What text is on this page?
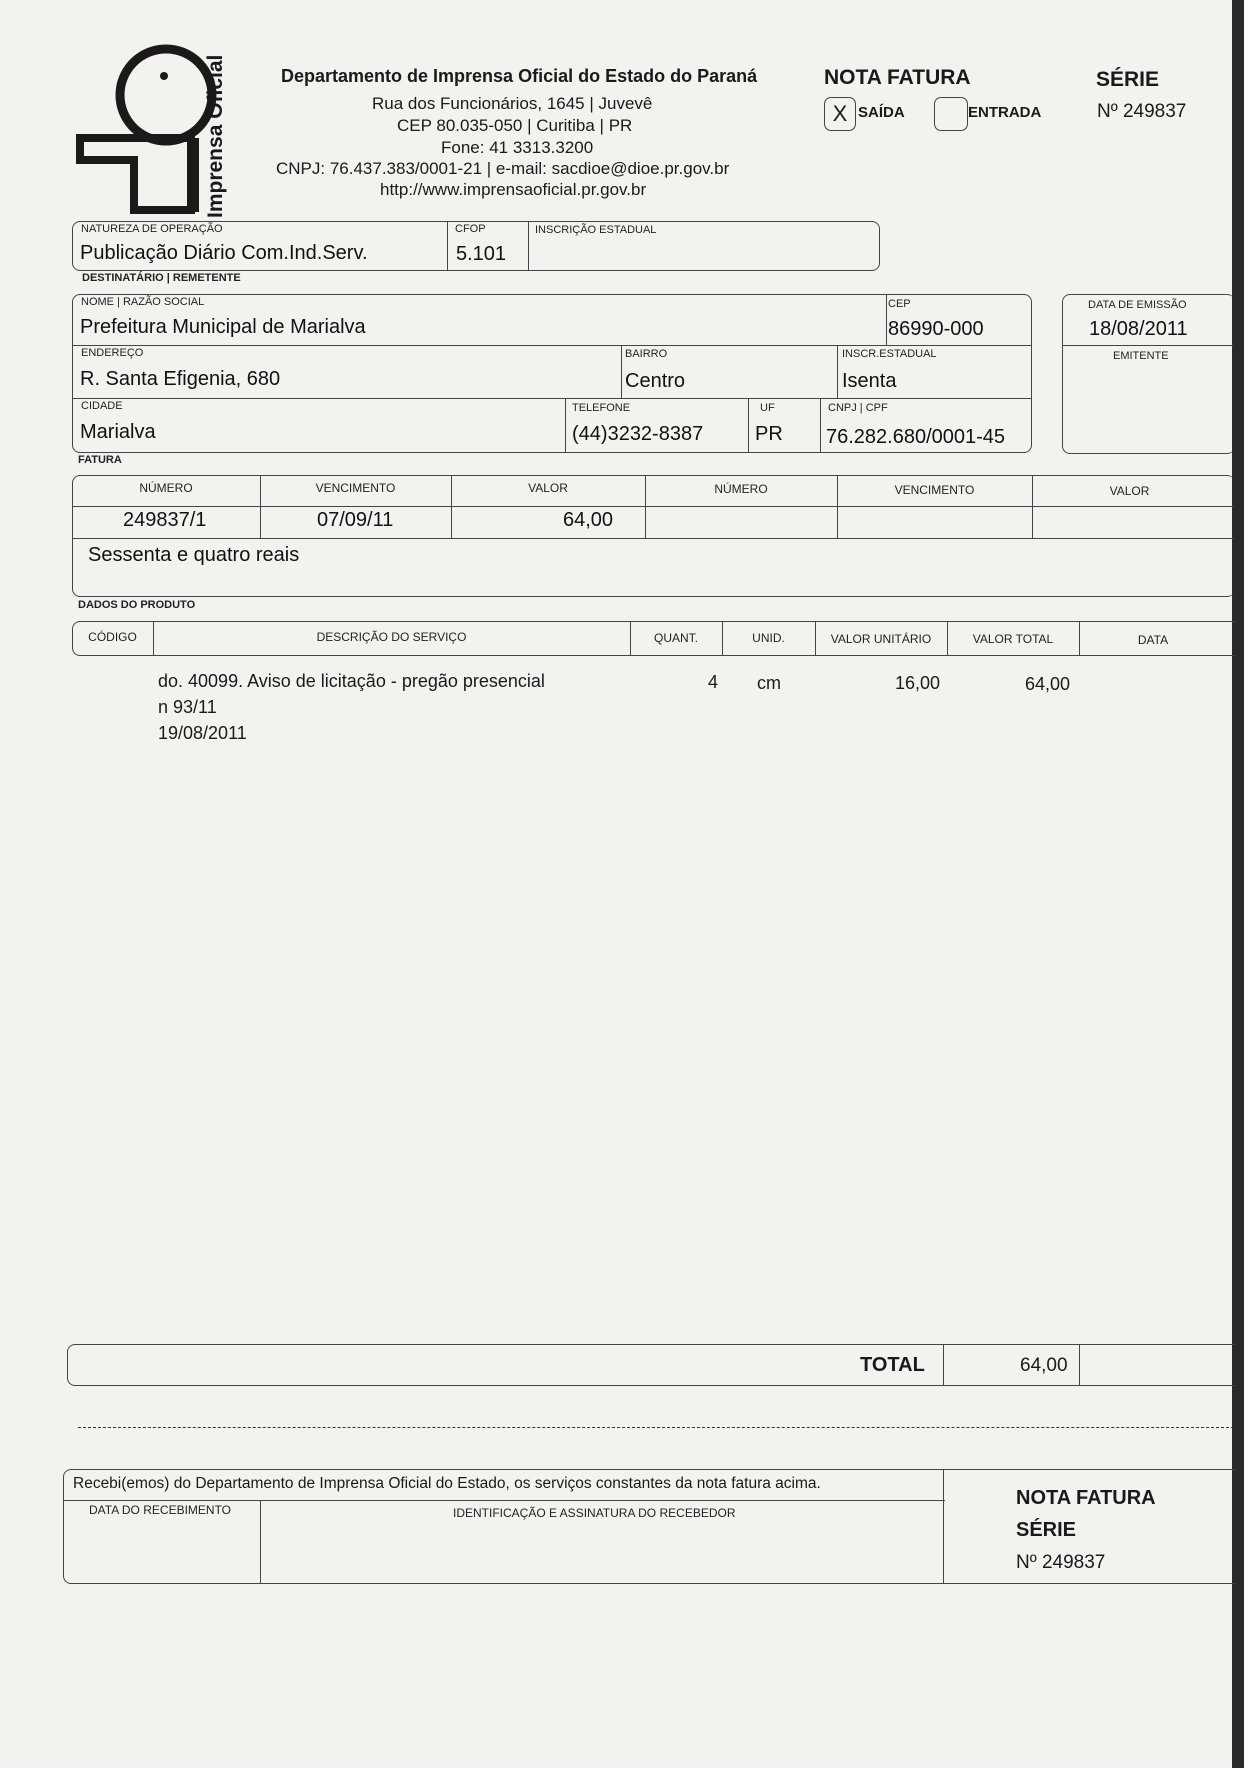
Imprensa Oficial	Departamento de Imprensa Oficial do Estado do Paraná
Rua dos Funcionários, 1645 | Juvevê
CEP 80.035-050 | Curitiba | PR
Fone: 41 3313.3200
CNPJ: 76.437.383/0001-21 | e-mail: sacdioe@dioe.pr.gov.br
http://www.imprensaoficial.pr.gov.br
NOTA FATURA
X SAÍDA	ENTRADA
SÉRIE
Nº 249837
NATUREZA DE OPERAÇÃO
Publicação Diário Com.Ind.Serv.
CFOP
5.101
INSCRIÇÃO ESTADUAL
DESTINATÁRIO | REMETENTE
NOME | RAZÃO SOCIAL
Prefeitura Municipal de Marialva
CEP
86990-000
ENDEREÇO
R. Santa Efigenia, 680
BAIRRO
Centro
INSCR.ESTADUAL
Isenta
CIDADE
Marialva
TELEFONE
(44)3232-8387
UF
PR
CNPJ | CPF
76.282.680/0001-45
DATA DE EMISSÃO
18/08/2011
EMITENTE
FATURA
NÚMERO	VENCIMENTO	VALOR	NÚMERO	VENCIMENTO	VALOR
249837/1	07/09/11	64,00
Sessenta e quatro reais
DADOS DO PRODUTO
CÓDIGO	DESCRIÇÃO DO SERVIÇO	QUANT.	UNID.	VALOR UNITÁRIO	VALOR TOTAL	DATA
do. 40099. Aviso de licitação - pregão presencial
n 93/11
19/08/2011
4 cm	16,00	64,00
TOTAL	64,00
Recebi(emos) do Departamento de Imprensa Oficial do Estado, os serviços constantes da nota fatura acima.
DATA DO RECEBIMENTO	IDENTIFICAÇÃO E ASSINATURA DO RECEBEDOR
NOTA FATURA
SÉRIE
Nº 249837
